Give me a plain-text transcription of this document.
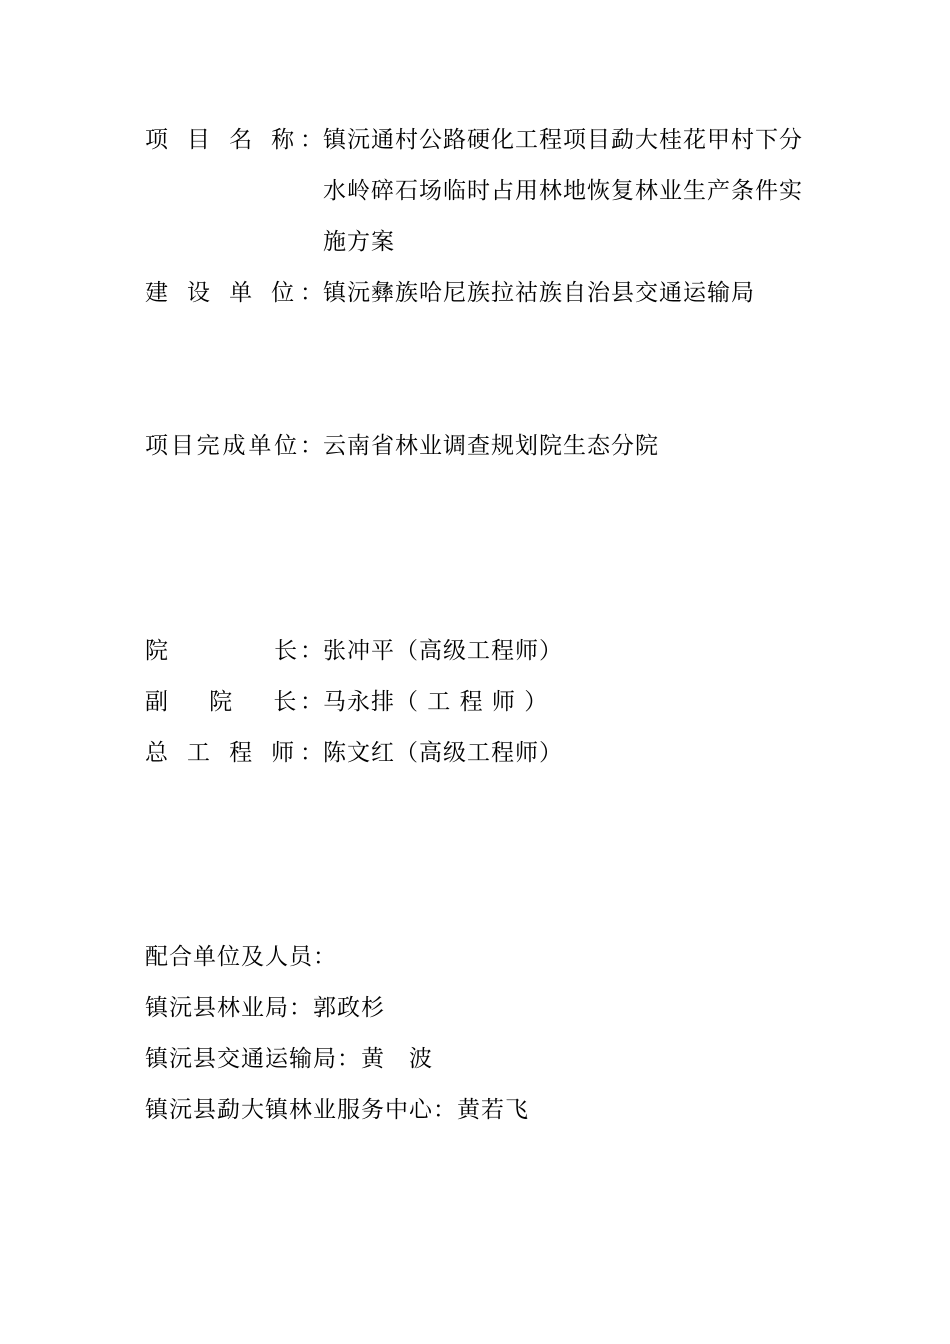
项 目 名 称： 镇沅通村公路硬化工程项目勐大桂花甲村下分水岭碎石场临时占用林地恢复林业生产条件实施方案
建 设 单 位： 镇沅彝族哈尼族拉祜族自治县交通运输局
项目完成单位： 云南省林业调查规划院生态分院
院　　　　长： 张冲平（高级工程师）
副　 院　 长： 马永排（ 工 程 师 ）
总 工 程 师： 陈文红（高级工程师）
配合单位及人员：
镇沅县林业局：郭政杉
镇沅县交通运输局：黄　波
镇沅县勐大镇林业服务中心：黄若飞
